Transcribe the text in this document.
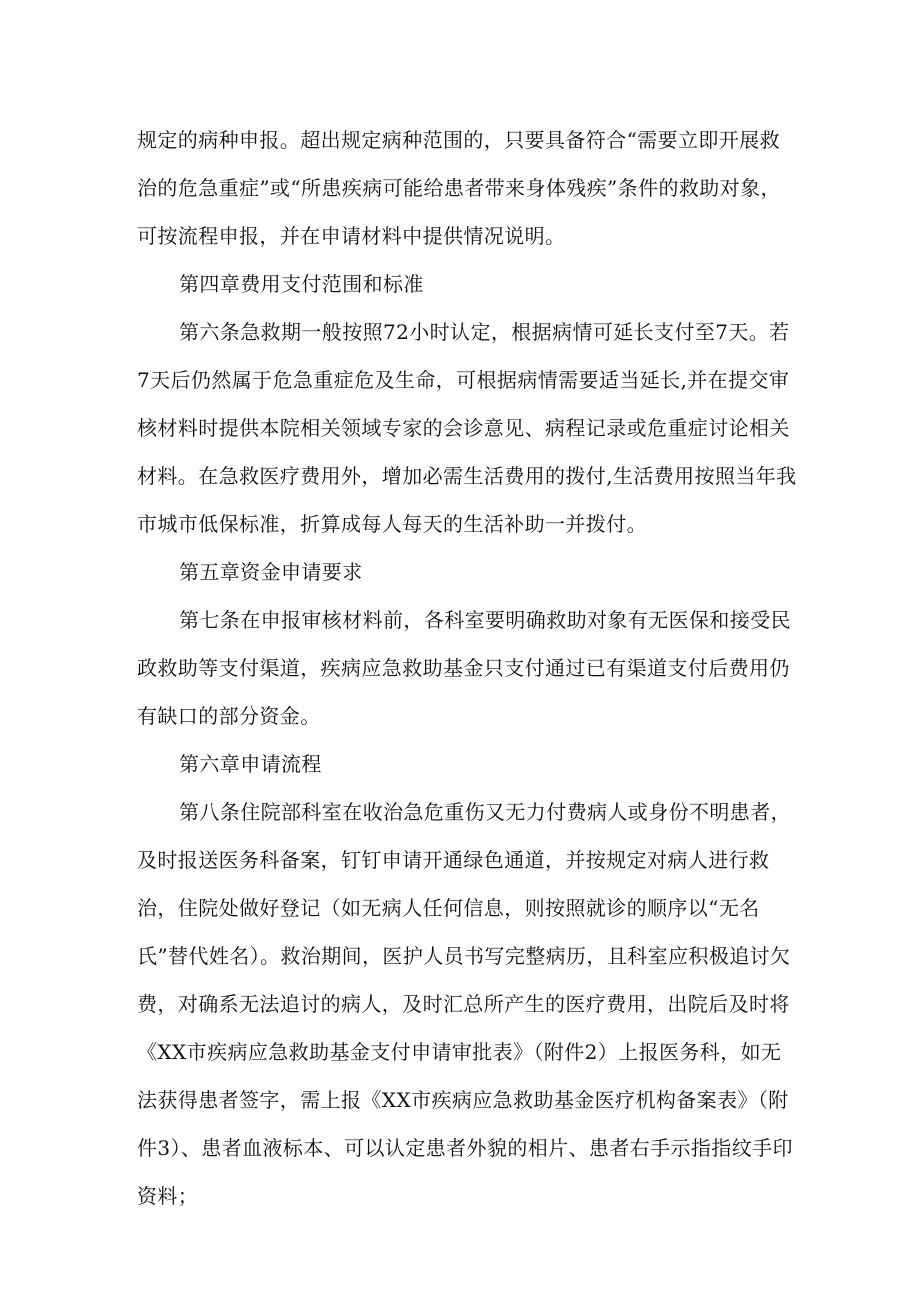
规定的病种申报。超出规定病种范围的，只要具备符合“需要立即开展救治的危急重症”或“所患疾病可能给患者带来身体残疾”条件的救助对象，可按流程申报，并在申请材料中提供情况说明。

第四章费用支付范围和标准

第六条急救期一般按照72小时认定，根据病情可延长支付至7天。若7天后仍然属于危急重症危及生命，可根据病情需要适当延长,并在提交审核材料时提供本院相关领域专家的会诊意见、病程记录或危重症讨论相关材料。在急救医疗费用外，增加必需生活费用的拨付,生活费用按照当年我市城市低保标准，折算成每人每天的生活补助一并拨付。

第五章资金申请要求

第七条在申报审核材料前，各科室要明确救助对象有无医保和接受民政救助等支付渠道，疾病应急救助基金只支付通过已有渠道支付后费用仍有缺口的部分资金。

第六章申请流程

第八条住院部科室在收治急危重伤又无力付费病人或身份不明患者，及时报送医务科备案，钉钉申请开通绿色通道，并按规定对病人进行救治，住院处做好登记（如无病人任何信息，则按照就诊的顺序以“无名氏”替代姓名）。救治期间，医护人员书写完整病历，且科室应积极追讨欠费，对确系无法追讨的病人，及时汇总所产生的医疗费用，出院后及时将《XX市疾病应急救助基金支付申请审批表》（附件2）上报医务科，如无法获得患者签字，需上报《XX市疾病应急救助基金医疗机构备案表》（附件3）、患者血液标本、可以认定患者外貌的相片、患者右手示指指纹手印资料；
